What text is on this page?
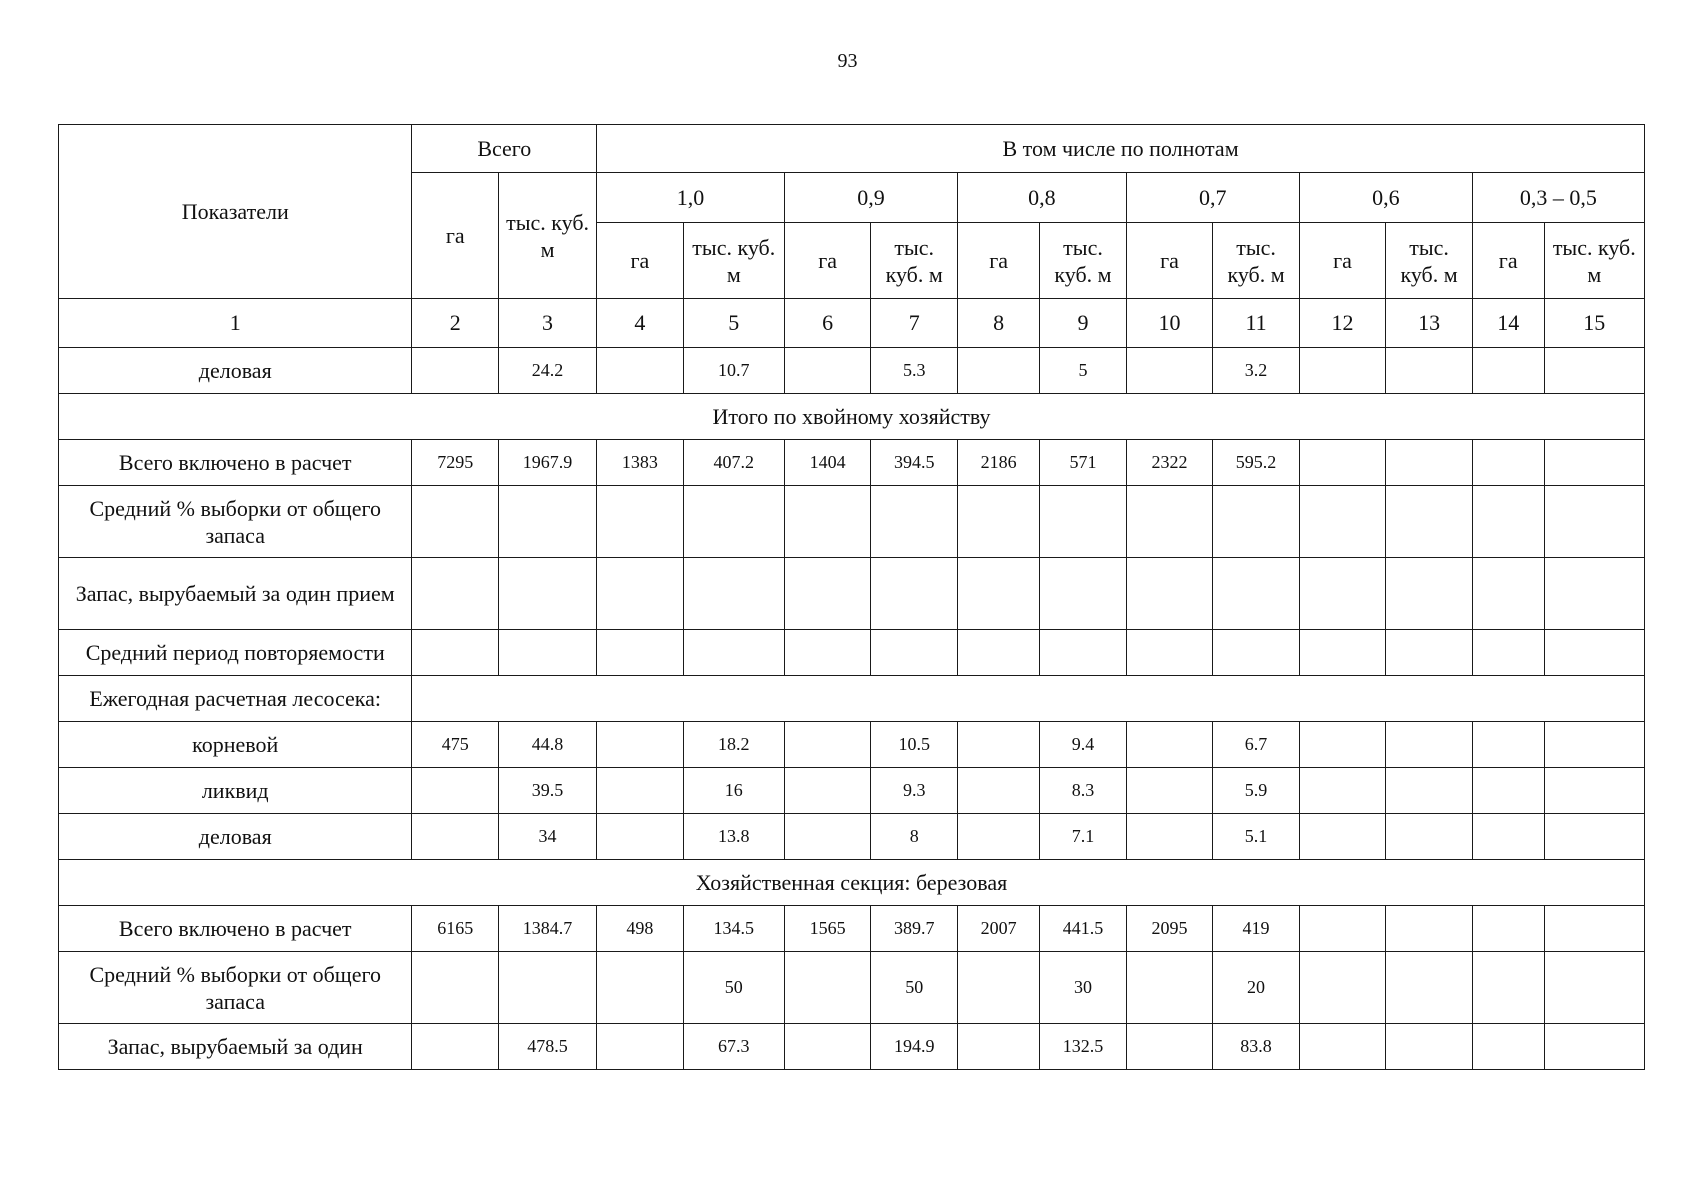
93
Показатели	Всего		В том числе по полнотам											
	га	тыс. куб. м	1,0		0,9		0,8		0,7		0,6		0,3 – 0,5	
			га	тыс. куб. м	га	тыс. куб. м	га	тыс. куб. м	га	тыс. куб. м	га	тыс. куб. м	га	тыс. куб. м
1	2	3	4	5	6	7	8	9	10	11	12	13	14	15
деловая		24.2		10.7		5.3		5		3.2				
Итого по хвойному хозяйству														
Всего включено в расчет	7295	1967.9	1383	407.2	1404	394.5	2186	571	2322	595.2				
Средний % выборки от общего запаса														
Запас, вырубаемый за один прием														
Средний период повторяемости														
Ежегодная расчетная лесосека:														
корневой	475	44.8		18.2		10.5		9.4		6.7				
ликвид		39.5		16		9.3		8.3		5.9				
деловая		34		13.8		8		7.1		5.1				
Хозяйственная секция: березовая														
Всего включено в расчет	6165	1384.7	498	134.5	1565	389.7	2007	441.5	2095	419				
Средний % выборки от общего запаса				50		50		30		20				
Запас, вырубаемый за один		478.5		67.3		194.9		132.5		83.8				
